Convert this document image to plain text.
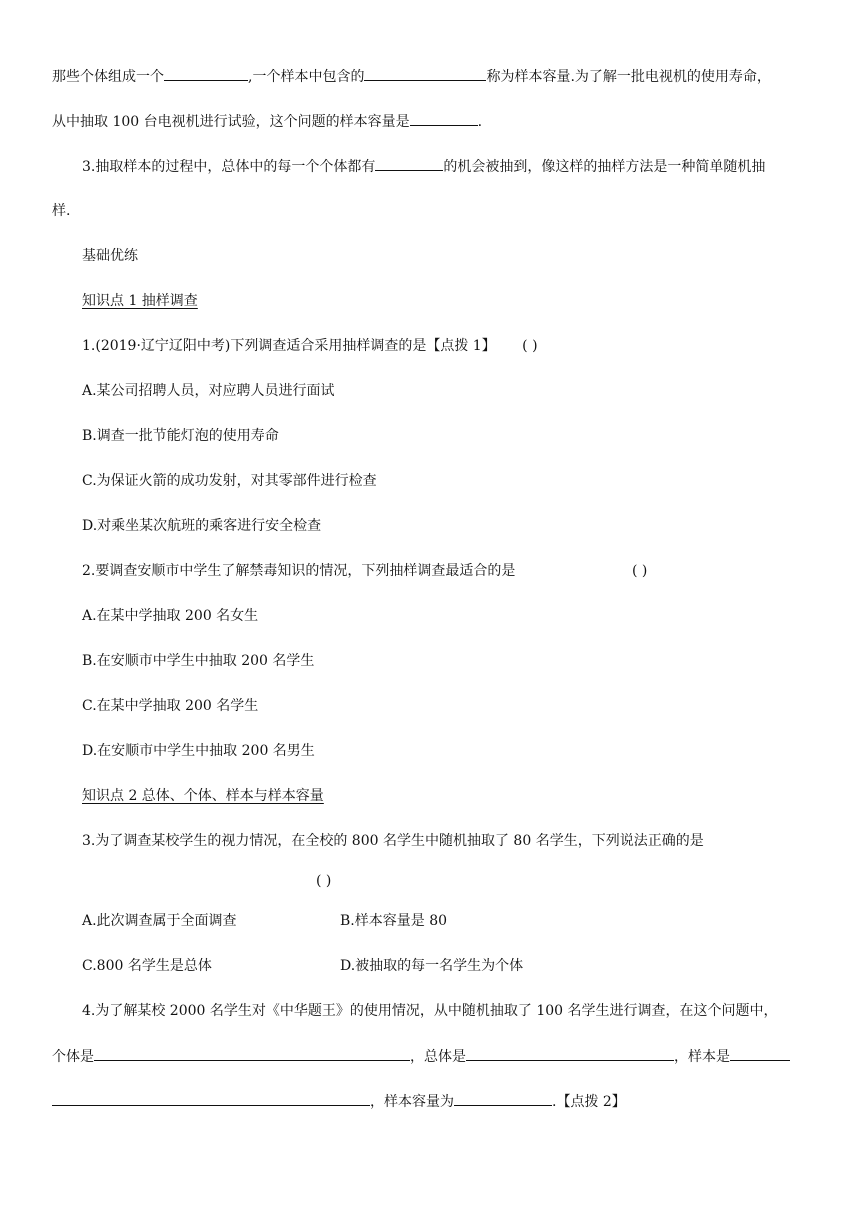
那些个体组成一个	,一个样本中包含的	称为样本容量.为了解一批电视机的使用寿命，
从中抽取 100 台电视机进行试验，这个问题的样本容量是	.
3.抽取样本的过程中，总体中的每一个个体都有	的机会被抽到，像这样的抽样方法是一种简单随机抽
样.
基础优练
知识点 1 抽样调查
1.(2019·辽宁辽阳中考)下列调查适合采用抽样调查的是【点拨 1】 ( )
A.某公司招聘人员，对应聘人员进行面试
B.调查一批节能灯泡的使用寿命
C.为保证火箭的成功发射，对其零部件进行检查
D.对乘坐某次航班的乘客进行安全检查
2.要调查安顺市中学生了解禁毒知识的情况，下列抽样调查最适合的是	( )
A.在某中学抽取 200 名女生
B.在安顺市中学生中抽取 200 名学生
C.在某中学抽取 200 名学生
D.在安顺市中学生中抽取 200 名男生
知识点 2 总体、个体、样本与样本容量
3.为了调查某校学生的视力情况，在全校的 800 名学生中随机抽取了 80 名学生，下列说法正确的是
( )
A.此次调查属于全面调查	B.样本容量是 80
C.800 名学生是总体	D.被抽取的每一名学生为个体
4.为了解某校 2000 名学生对《中华题王》的使用情况，从中随机抽取了 100 名学生进行调查，在这个问题中，
个体是	，总体是	，样本是
，样本容量为	.【点拨 2】
